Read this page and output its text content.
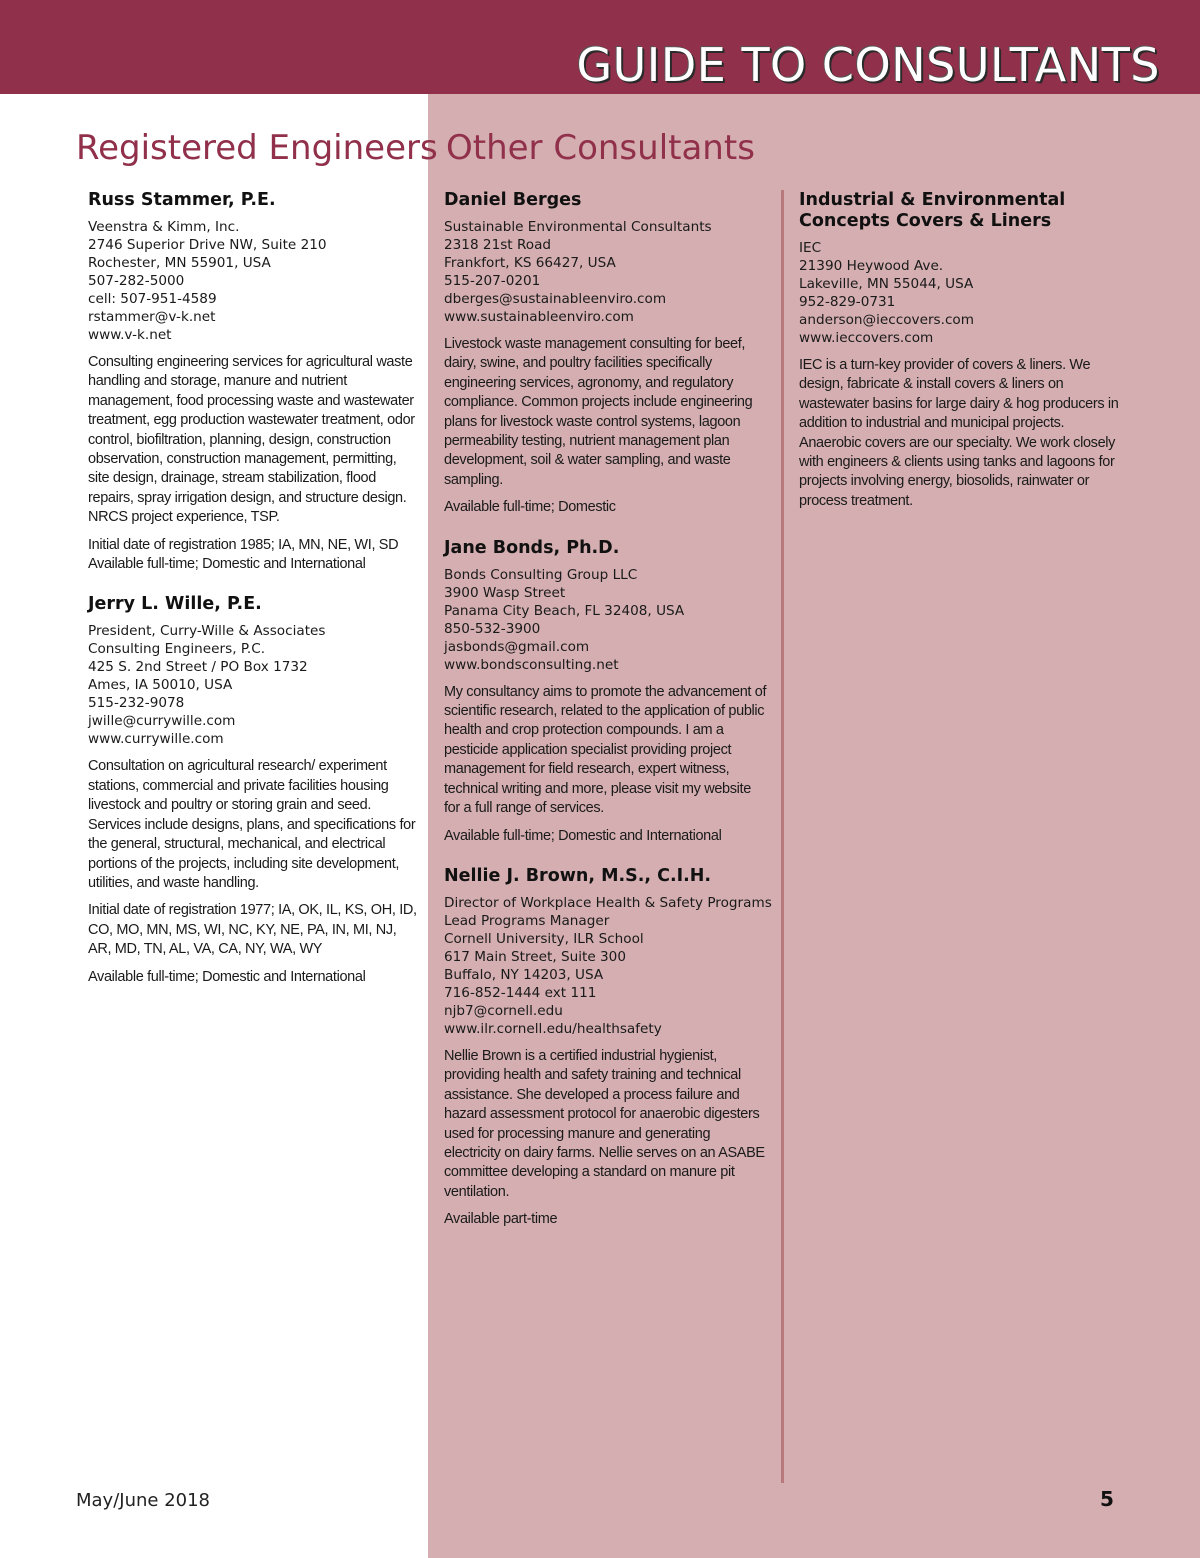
GUIDE TO CONSULTANTS
Registered Engineers Other Consultants
Russ Stammer, P.E.
Veenstra & Kimm, Inc.
2746 Superior Drive NW, Suite 210
Rochester, MN 55901, USA
507-282-5000
cell: 507-951-4589
rstammer@v-k.net
www.v-k.net

Consulting engineering services for agricultural waste handling and storage, manure and nutrient management, food processing waste and wastewater treatment, egg production wastewater treatment, odor control, biofiltration, planning, design, construction observation, construction management, permitting, site design, drainage, stream stabilization, flood repairs, spray irrigation design, and structure design. NRCS project experience, TSP.

Initial date of registration 1985; IA, MN, NE, WI, SD
Available full-time; Domestic and International

Jerry L. Wille, P.E.
President, Curry-Wille & Associates
Consulting Engineers, P.C.
425 S. 2nd Street / PO Box 1732
Ames, IA 50010, USA
515-232-9078
jwille@currywille.com
www.currywille.com

Consultation on agricultural research/ experiment stations, commercial and private facilities housing livestock and poultry or storing grain and seed. Services include designs, plans, and specifications for the general, structural, mechanical, and electrical portions of the projects, including site development, utilities, and waste handling.

Initial date of registration 1977; IA, OK, IL, KS, OH, ID, CO, MO, MN, MS, WI, NC, KY, NE, PA, IN, MI, NJ, AR, MD, TN, AL, VA, CA, NY, WA, WY

Available full-time; Domestic and International

Daniel Berges
Sustainable Environmental Consultants
2318 21st Road
Frankfort, KS 66427, USA
515-207-0201
dberges@sustainableenviro.com
www.sustainableenviro.com

Livestock waste management consulting for beef, dairy, swine, and poultry facilities specifically engineering services, agronomy, and regulatory compliance. Common projects include engineering plans for livestock waste control systems, lagoon permeability testing, nutrient management plan development, soil & water sampling, and waste sampling.

Available full-time; Domestic

Jane Bonds, Ph.D.
Bonds Consulting Group LLC
3900 Wasp Street
Panama City Beach, FL 32408, USA
850-532-3900
jasbonds@gmail.com
www.bondsconsulting.net

My consultancy aims to promote the advancement of scientific research, related to the application of public health and crop protection compounds. I am a pesticide application specialist providing project management for field research, expert witness, technical writing and more, please visit my website for a full range of services.

Available full-time; Domestic and International

Nellie J. Brown, M.S., C.I.H.
Director of Workplace Health & Safety Programs
Lead Programs Manager
Cornell University, ILR School
617 Main Street, Suite 300
Buffalo, NY 14203, USA
716-852-1444 ext 111
njb7@cornell.edu
www.ilr.cornell.edu/healthsafety

Nellie Brown is a certified industrial hygienist, providing health and safety training and technical assistance. She developed a process failure and hazard assessment protocol for anaerobic digesters used for processing manure and generating electricity on dairy farms. Nellie serves on an ASABE committee developing a standard on manure pit ventilation.

Available part-time

Industrial & Environmental Concepts Covers & Liners
IEC
21390 Heywood Ave.
Lakeville, MN 55044, USA
952-829-0731
anderson@ieccovers.com
www.ieccovers.com

IEC is a turn-key provider of covers & liners. We design, fabricate & install covers & liners on wastewater basins for large dairy & hog producers in addition to industrial and municipal projects. Anaerobic covers are our specialty. We work closely with engineers & clients using tanks and lagoons for projects involving energy, biosolids, rainwater or process treatment.

May/June 2018	5
